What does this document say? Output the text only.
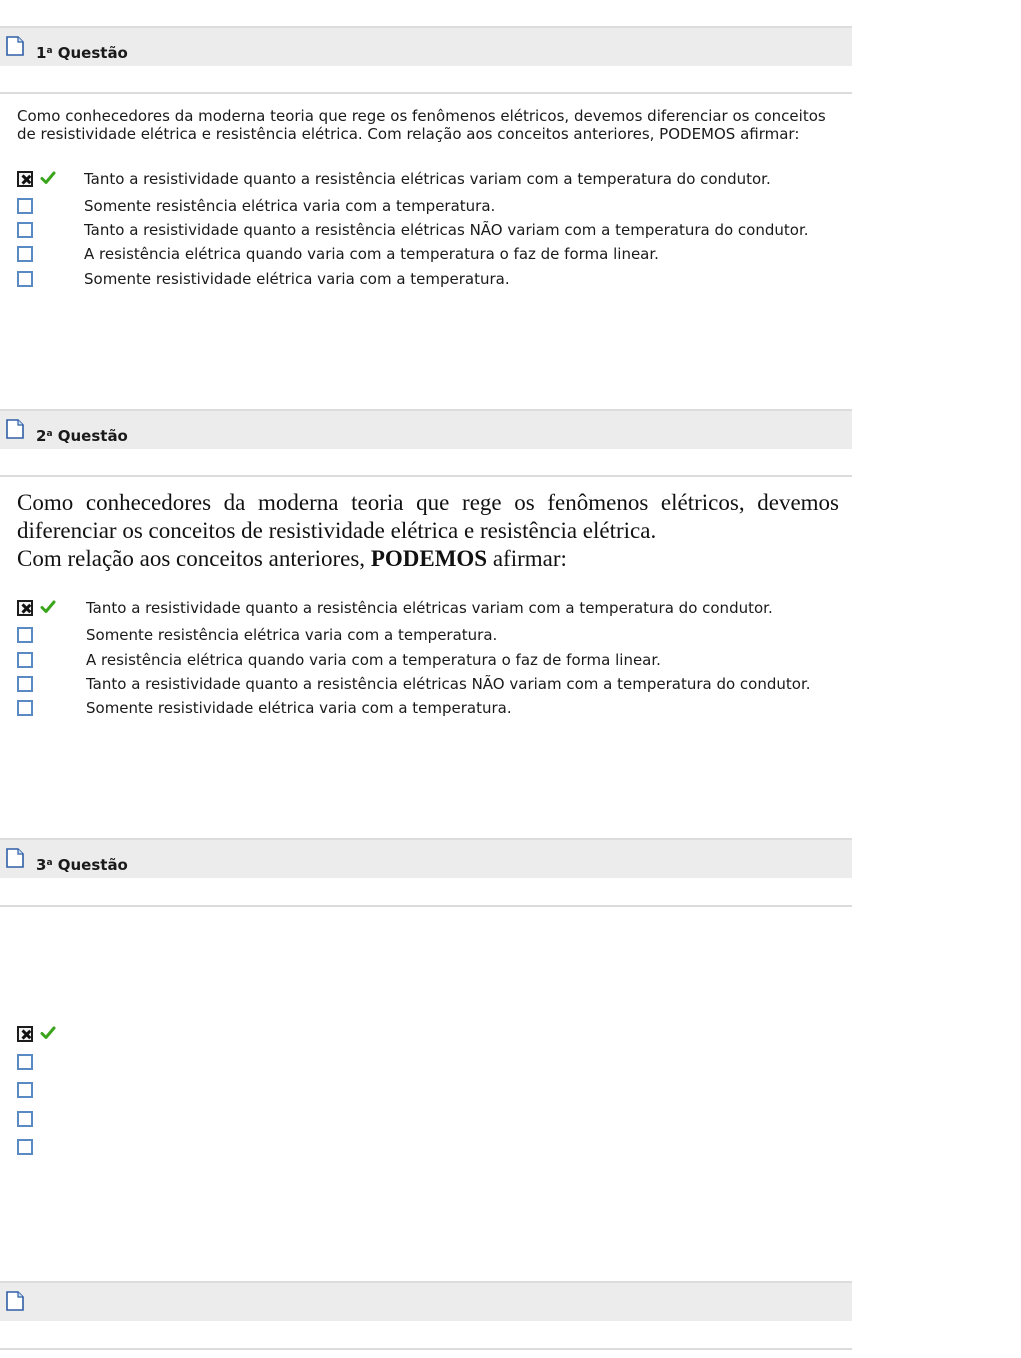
1$^a$ Questão
Como conhecedores da moderna teoria que rege os fenômenos elétricos, devemos diferenciar os conceitos de resistividade elétrica e resistência elétrica. Com relação aos conceitos anteriores, PODEMOS afirmar:
Tanto a resistividade quanto a resistência elétricas variam com a temperatura do condutor.
Somente resistência elétrica varia com a temperatura.
Tanto a resistividade quanto a resistência elétricas NÃO variam com a temperatura do condutor.
A resistência elétrica quando varia com a temperatura o faz de forma linear.
Somente resistividade elétrica varia com a temperatura.
2$^a$ Questão
Como conhecedores da moderna teoria que rege os fenômenos elétricos, devemos diferenciar os conceitos de resistividade elétrica e resistência elétrica.
Com relação aos conceitos anteriores, PODEMOS afirmar:
Tanto a resistividade quanto a resistência elétricas variam com a temperatura do condutor.
Somente resistência elétrica varia com a temperatura.
A resistência elétrica quando varia com a temperatura o faz de forma linear.
Tanto a resistividade quanto a resistência elétricas NÃO variam com a temperatura do condutor.
Somente resistividade elétrica varia com a temperatura.
3$^a$ Questão
